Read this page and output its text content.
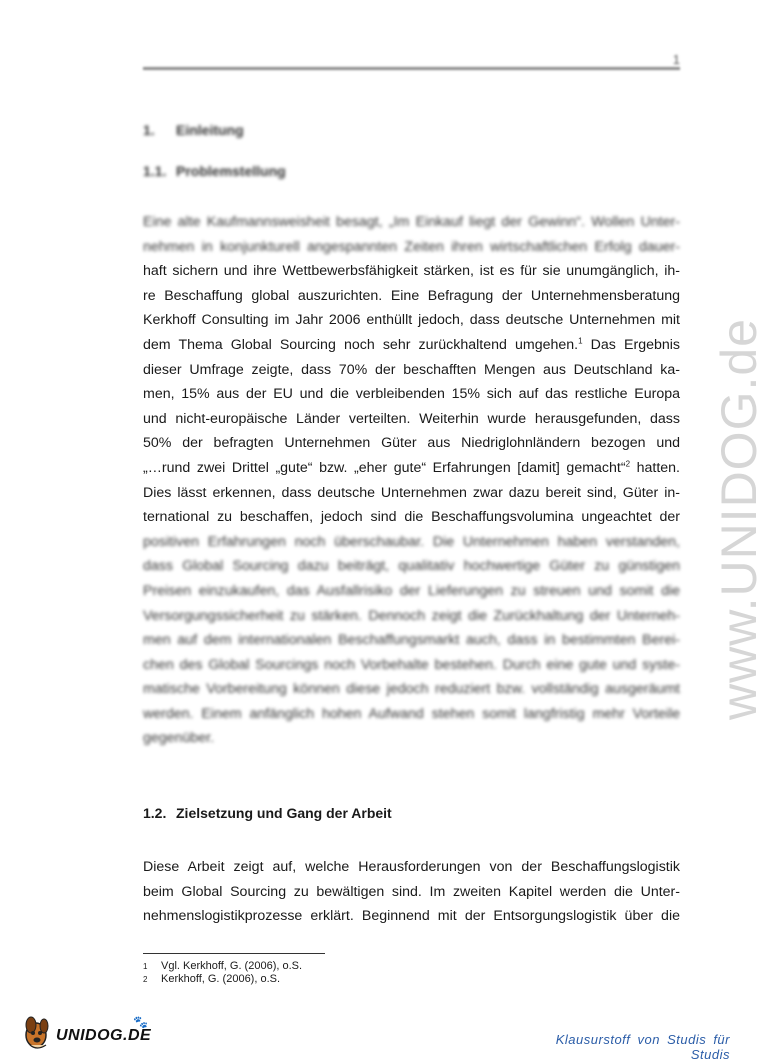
1
www.UNIDOG.de
1. Einleitung
1.1. Problemstellung
Eine alte Kaufmannsweisheit besagt, „Im Einkauf liegt der Gewinn“. Wollen Unter-
nehmen in konjunkturell angespannten Zeiten ihren wirtschaftlichen Erfolg dauer-
haft sichern und ihre Wettbewerbsfähigkeit stärken, ist es für sie unumgänglich, ih-
re Beschaffung global auszurichten. Eine Befragung der Unternehmensberatung
Kerkhoff Consulting im Jahr 2006 enthüllt jedoch, dass deutsche Unternehmen mit
dem Thema Global Sourcing noch sehr zurückhaltend umgehen.$^1$ Das Ergebnis
dieser Umfrage zeigte, dass 70% der beschafften Mengen aus Deutschland ka-
men, 15% aus der EU und die verbleibenden 15% sich auf das restliche Europa
und nicht-europäische Länder verteilten. Weiterhin wurde herausgefunden, dass
50% der befragten Unternehmen Güter aus Niedriglohnländern bezogen und
„…rund zwei Drittel „gute“ bzw. „eher gute“ Erfahrungen [damit] gemacht“$^2$ hatten.
Dies lässt erkennen, dass deutsche Unternehmen zwar dazu bereit sind, Güter in-
ternational zu beschaffen, jedoch sind die Beschaffungsvolumina ungeachtet der
positiven Erfahrungen noch überschaubar. Die Unternehmen haben verstanden,
dass Global Sourcing dazu beiträgt, qualitativ hochwertige Güter zu günstigen
Preisen einzukaufen, das Ausfallrisiko der Lieferungen zu streuen und somit die
Versorgungssicherheit zu stärken. Dennoch zeigt die Zurückhaltung der Unterneh-
men auf dem internationalen Beschaffungsmarkt auch, dass in bestimmten Berei-
chen des Global Sourcings noch Vorbehalte bestehen. Durch eine gute und syste-
matische Vorbereitung können diese jedoch reduziert bzw. vollständig ausgeräumt
werden. Einem anfänglich hohen Aufwand stehen somit langfristig mehr Vorteile
gegenüber.
1.2. Zielsetzung und Gang der Arbeit
Diese Arbeit zeigt auf, welche Herausforderungen von der Beschaffungslogistik
beim Global Sourcing zu bewältigen sind. Im zweiten Kapitel werden die Unter-
nehmenslogistikprozesse erklärt. Beginnend mit der Entsorgungslogistik über die
1 Vgl. Kerkhoff, G. (2006), o.S.
2 Kerkhoff, G. (2006), o.S.
UNIDOG.DE
🐾
Klausurstoff von Studis für Studis
